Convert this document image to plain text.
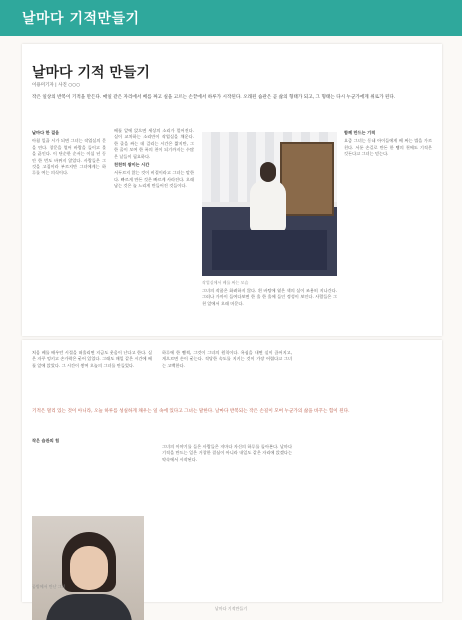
날마다 기적만들기
날마다 기적 만들기
이용미기자 | 사진 ○○○
작은 일상의 반복이 기적을 만든다. 매일 같은 자리에서 베를 짜고 실을 고르는 손끝에서 하루가 시작된다. 오래된 습관은 곧 삶의 형태가 되고, 그 형태는 다시 누군가에게 위로가 된다.
날마다 한 걸음
아침 일곱 시가 되면 그녀는 작업실의 문을 연다. 창문을 열어 바람을 들이고 물을 끓인다. 이 단순한 순서는 이십 년 동안 한 번도 바뀌지 않았다. 사람들은 그것을 고집이라 부르지만 그녀에게는 하루를 여는 의식이다.
베틀 앞에 앉으면 세상의 소리가 멀어진다. 실이 교차하는 소리만이 작업실을 채운다. 한 줄을 짜는 데 걸리는 시간은 짧지만, 그 한 줄이 모여 한 폭의 천이 되기까지는 수많은 날들이 필요하다.
천천히 쌓이는 시간
서두르지 않는 것이 비결이라고 그녀는 말한다. 빠르게 만든 것은 빠르게 사라진다. 오래 남는 것은 늘 느리게 만들어진 것들이다.
작업실에서 베를 짜는 모습
그녀의 작품은 화려하지 않다. 흰 바탕에 옅은 색의 실이 조용히 지나간다. 그러나 가까이 들여다보면 한 올 한 올에 들인 정성이 보인다. 사람들은 그 천 앞에서 오래 머문다.
함께 만드는 기적
요즘 그녀는 동네 아이들에게 베 짜는 법을 가르친다. 서툰 손길로 만든 한 뼘의 천에도 기적은 깃든다고 그녀는 믿는다.
처음 베를 배우던 시절을 떠올리면 지금도 웃음이 난다고 한다. 실은 자꾸 엉키고 손가락은 굳어 있었다. 그래도 매일 같은 시간에 베틀 앞에 앉았다. 그 시간이 쌓여 오늘의 그녀를 만들었다.
하루에 한 뼘씩, 그것이 그녀의 원칙이다. 욕심을 내면 실이 끊어지고, 게으르면 손이 굳는다. 적당한 속도를 지키는 것이 가장 어렵다고 그녀는 고백한다.
기적은 멀리 있는 것이 아니라, 오늘 하루를 성실하게 채우는 일 속에 있다고 그녀는 말한다. 날마다 반복되는 작은 손길이 모여 누군가의 삶을 바꾸는 힘이 된다.
작은 습관의 힘
공방에서 만난 그녀
그녀의 이야기를 들은 사람들은 저마다 자신의 하루를 돌아본다. 날마다 기적을 만드는 일은 거창한 결심이 아니라 내일도 같은 자리에 앉겠다는 약속에서 시작된다.
날마다 기적만들기
